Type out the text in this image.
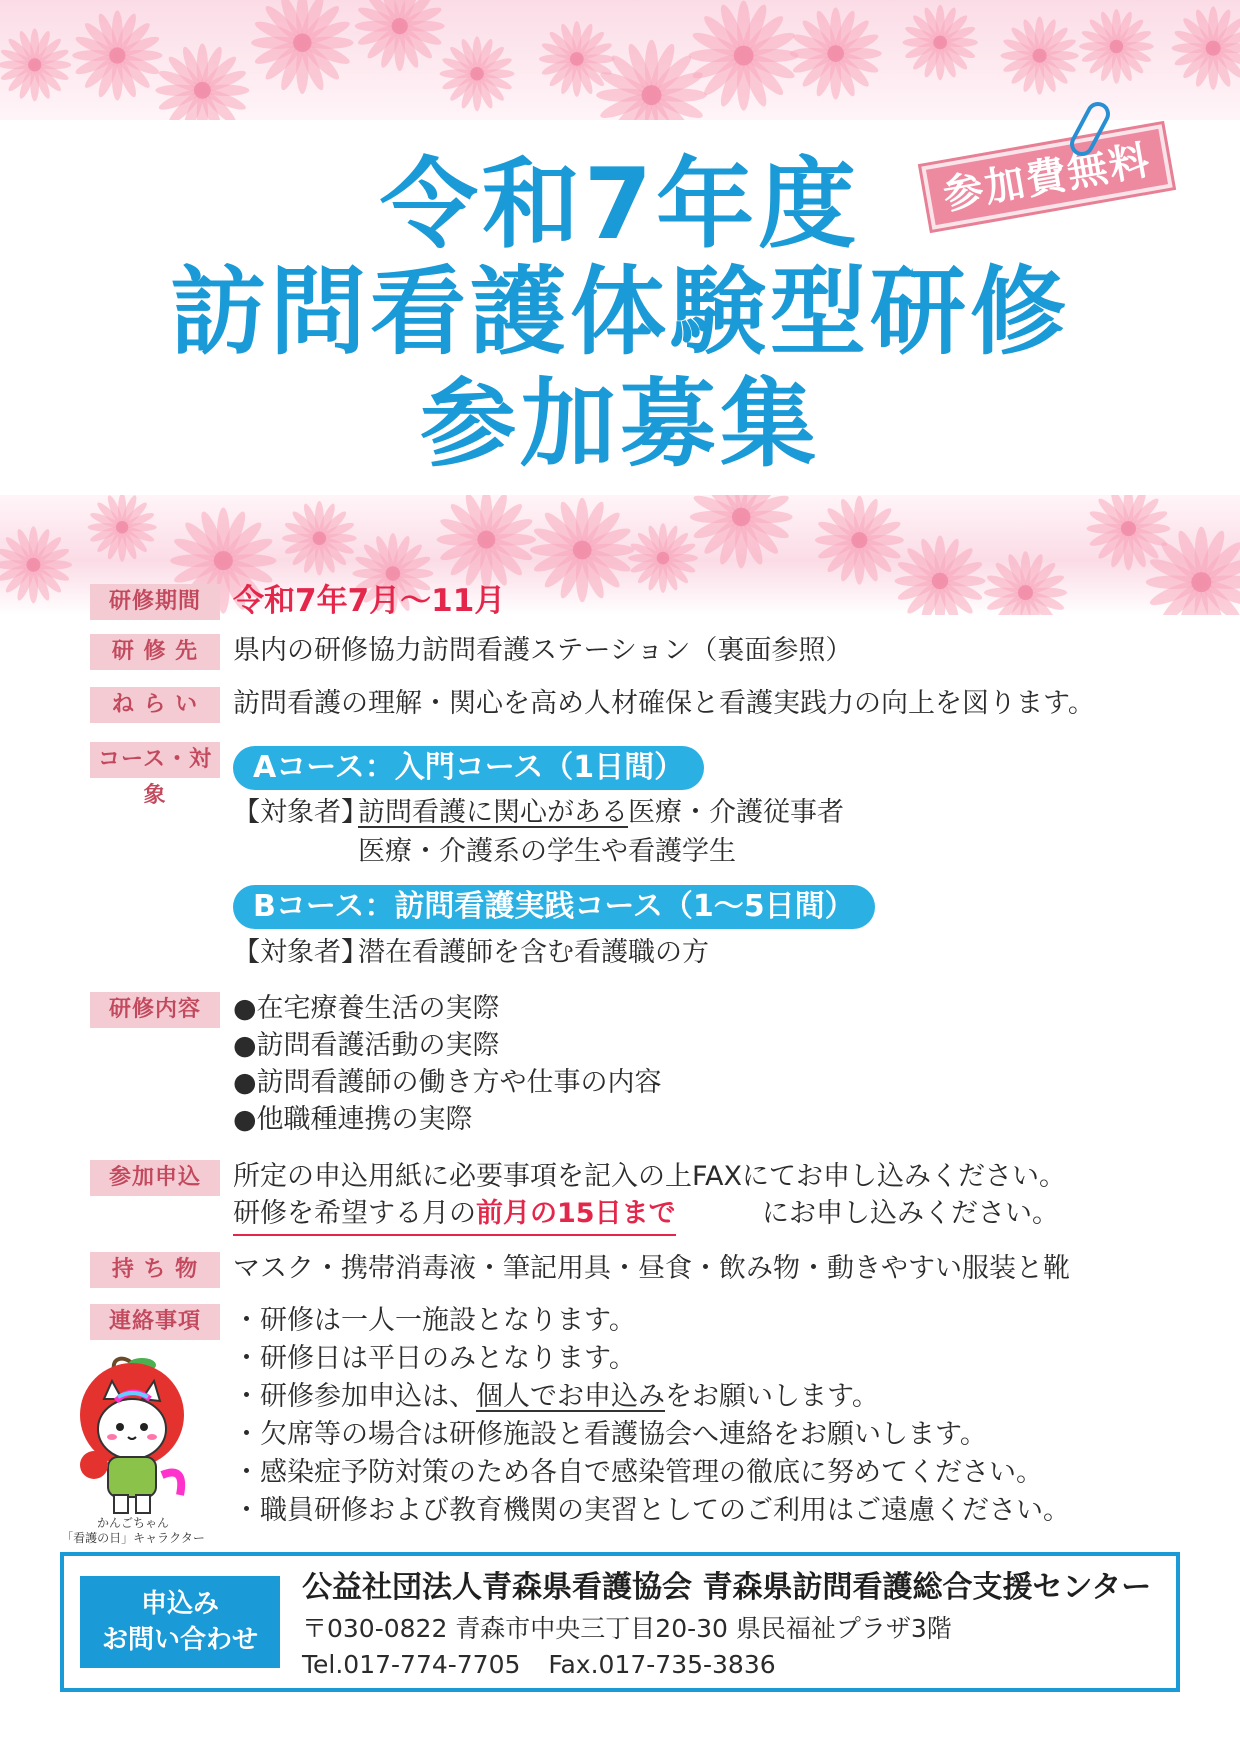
令和7年度
訪問看護体験型研修
参加募集
参加費無料
研修期間	令和7年7月～11月
研 修 先	県内の研修協力訪問看護ステーション（裏面参照）
ね ら い	訪問看護の理解・関心を高め人材確保と看護実践力の向上を図ります。
コース・対象
Aコース：入門コース（1日間）
【対象者】
訪問看護に関心がある医療・介護従事者
医療・介護系の学生や看護学生
Bコース：訪問看護実践コース（1～5日間）
【対象者】
潜在看護師を含む看護職の方
研修内容	●在宅療養生活の実際
●訪問看護活動の実際
●訪問看護師の働き方や仕事の内容
●他職種連携の実際
参加申込	所定の申込用紙に必要事項を記入の上FAXにてお申し込みください。
研修を希望する月の前月の15日まで	にお申し込みください。
持 ち 物	マスク・携帯消毒液・筆記用具・昼食・飲み物・動きやすい服装と靴
連絡事項	・研修は一人一施設となります。
・研修日は平日のみとなります。
・研修参加申込は、個人でお申込みをお願いします。
・欠席等の場合は研修施設と看護協会へ連絡をお願いします。
・感染症予防対策のため各自で感染管理の徹底に努めてください。
・職員研修および教育機関の実習としてのご利用はご遠慮ください。
かんごちゃん
「看護の日」キャラクター
申込み
お問い合わせ
公益社団法人青森県看護協会 青森県訪問看護総合支援センター
〒030-0822 青森市中央三丁目20-30 県民福祉プラザ3階
Tel.017-774-7705 Fax.017-735-3836
